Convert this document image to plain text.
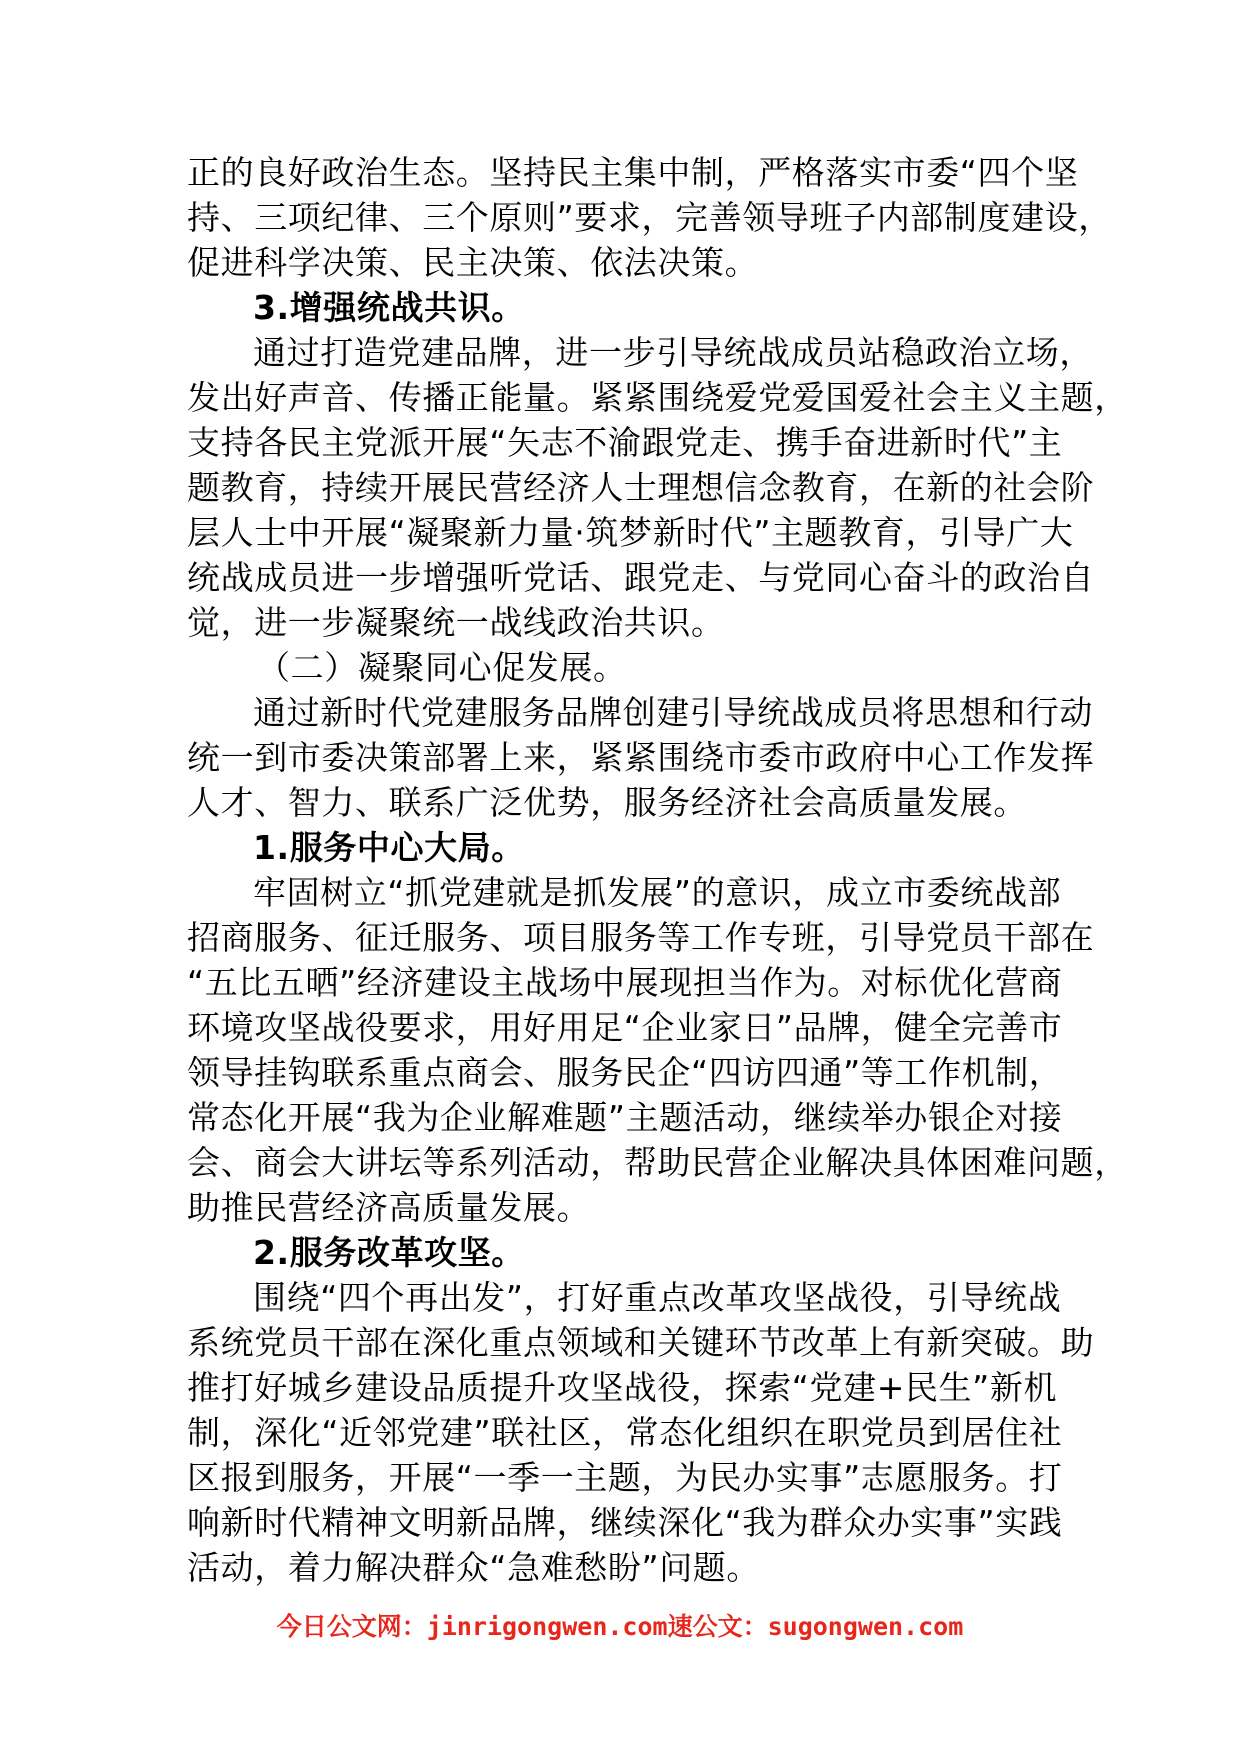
正的良好政治生态。坚持民主集中制，严格落实市委“四个坚
持、三项纪律、三个原则”要求，完善领导班子内部制度建设，
促进科学决策、民主决策、依法决策。
3.增强统战共识。
通过打造党建品牌，进一步引导统战成员站稳政治立场，
发出好声音、传播正能量。紧紧围绕爱党爱国爱社会主义主题，
支持各民主党派开展“矢志不渝跟党走、携手奋进新时代”主
题教育，持续开展民营经济人士理想信念教育，在新的社会阶
层人士中开展“凝聚新力量·筑梦新时代”主题教育，引导广大
统战成员进一步增强听党话、跟党走、与党同心奋斗的政治自
觉，进一步凝聚统一战线政治共识。
（二）凝聚同心促发展。
通过新时代党建服务品牌创建引导统战成员将思想和行动
统一到市委决策部署上来，紧紧围绕市委市政府中心工作发挥
人才、智力、联系广泛优势，服务经济社会高质量发展。
1.服务中心大局。
牢固树立“抓党建就是抓发展”的意识，成立市委统战部
招商服务、征迁服务、项目服务等工作专班，引导党员干部在
“五比五晒”经济建设主战场中展现担当作为。对标优化营商
环境攻坚战役要求，用好用足“企业家日”品牌，健全完善市
领导挂钩联系重点商会、服务民企“四访四通”等工作机制，
常态化开展“我为企业解难题”主题活动，继续举办银企对接
会、商会大讲坛等系列活动，帮助民营企业解决具体困难问题，
助推民营经济高质量发展。
2.服务改革攻坚。
围绕“四个再出发”，打好重点改革攻坚战役，引导统战
系统党员干部在深化重点领域和关键环节改革上有新突破。助
推打好城乡建设品质提升攻坚战役，探索“党建+民生”新机
制，深化“近邻党建”联社区，常态化组织在职党员到居住社
区报到服务，开展“一季一主题，为民办实事”志愿服务。打
响新时代精神文明新品牌，继续深化“我为群众办实事”实践
活动，着力解决群众“急难愁盼”问题。
今日公文网：jinrigongwen.com速公文：sugongwen.com
